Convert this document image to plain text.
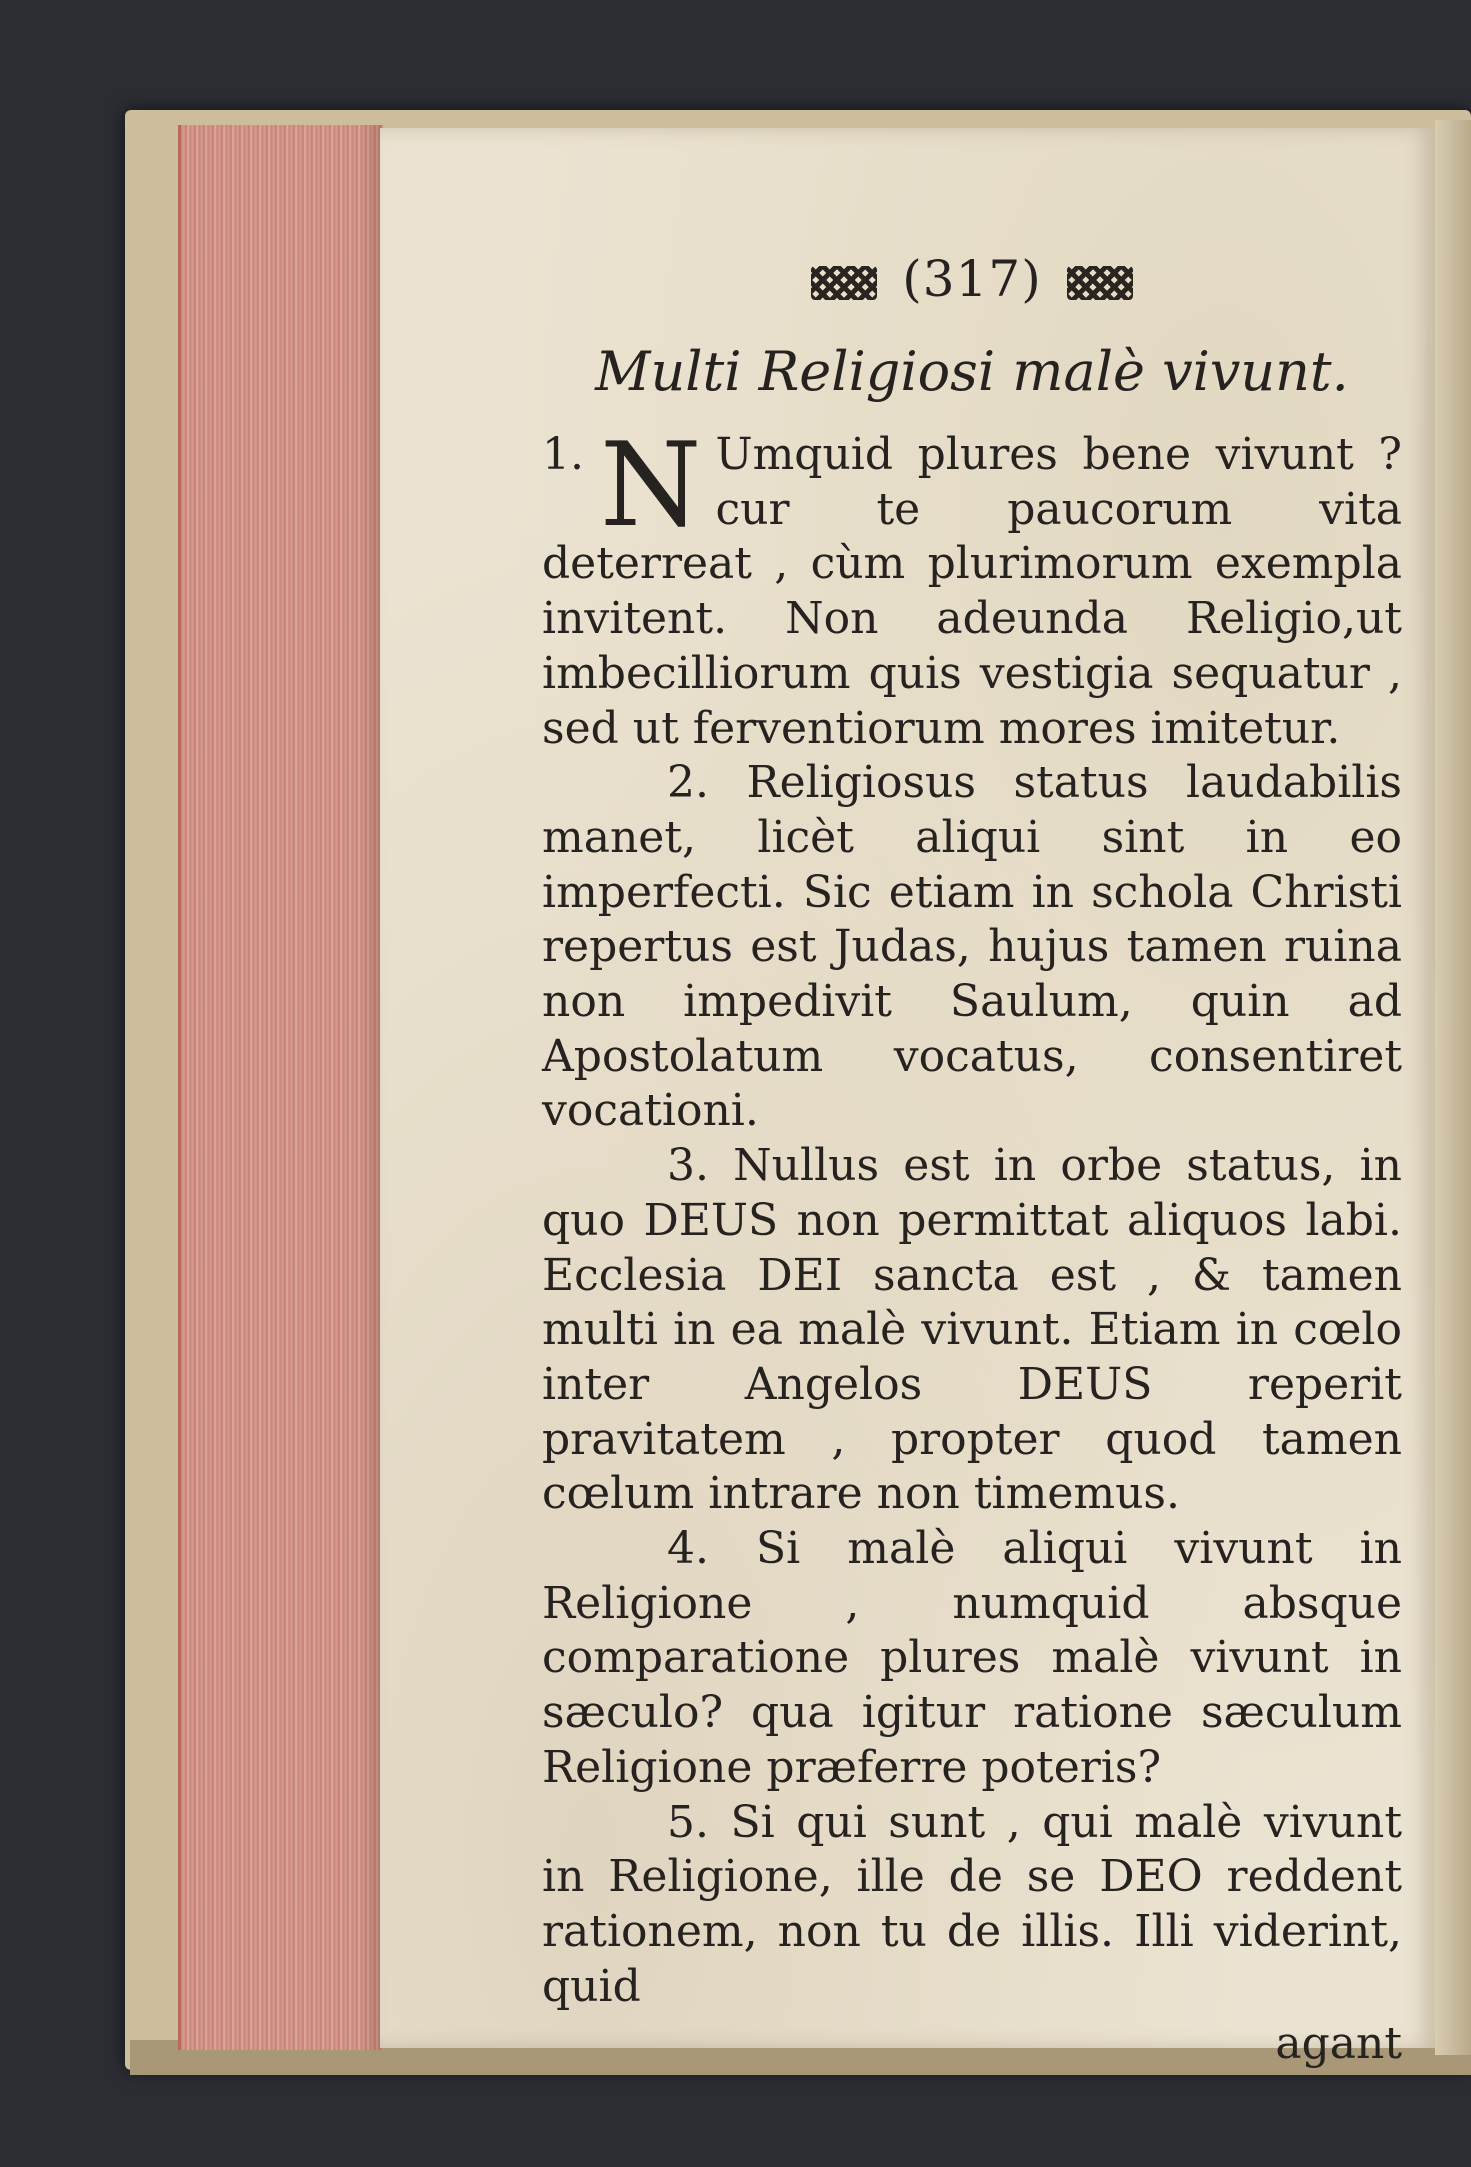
(317)
Multi Religiosi malè vivunt.

1. N Umquid plures bene vivunt ? cur te paucorum vita deterreat , cùm plurimorum exempla invitent. Non adeunda Religio,ut imbecilliorum quis vestigia sequatur , sed ut ferventiorum mores imitetur.

2. Religiosus status laudabilis manet, licèt aliqui sint in eo imperfecti. Sic etiam in schola Christi repertus est Judas, hujus tamen ruina non impedivit Saulum, quin ad Apostolatum vocatus, consentiret vocationi.

3. Nullus est in orbe status, in quo DEUS non permittat aliquos labi. Ecclesia DEI sancta est , & tamen multi in ea malè vivunt. Etiam in cœlo inter Angelos DEUS reperit pravitatem , propter quod tamen cœlum intrare non timemus.

4. Si malè aliqui vivunt in Religione , numquid absque comparatione plures malè vivunt in sæculo? qua igitur ratione sæculum Religione præferre poteris?

5. Si qui sunt , qui malè vivunt in Religione, ille de se DEO reddent rationem, non tu de illis. Illi viderint, quid

agant
